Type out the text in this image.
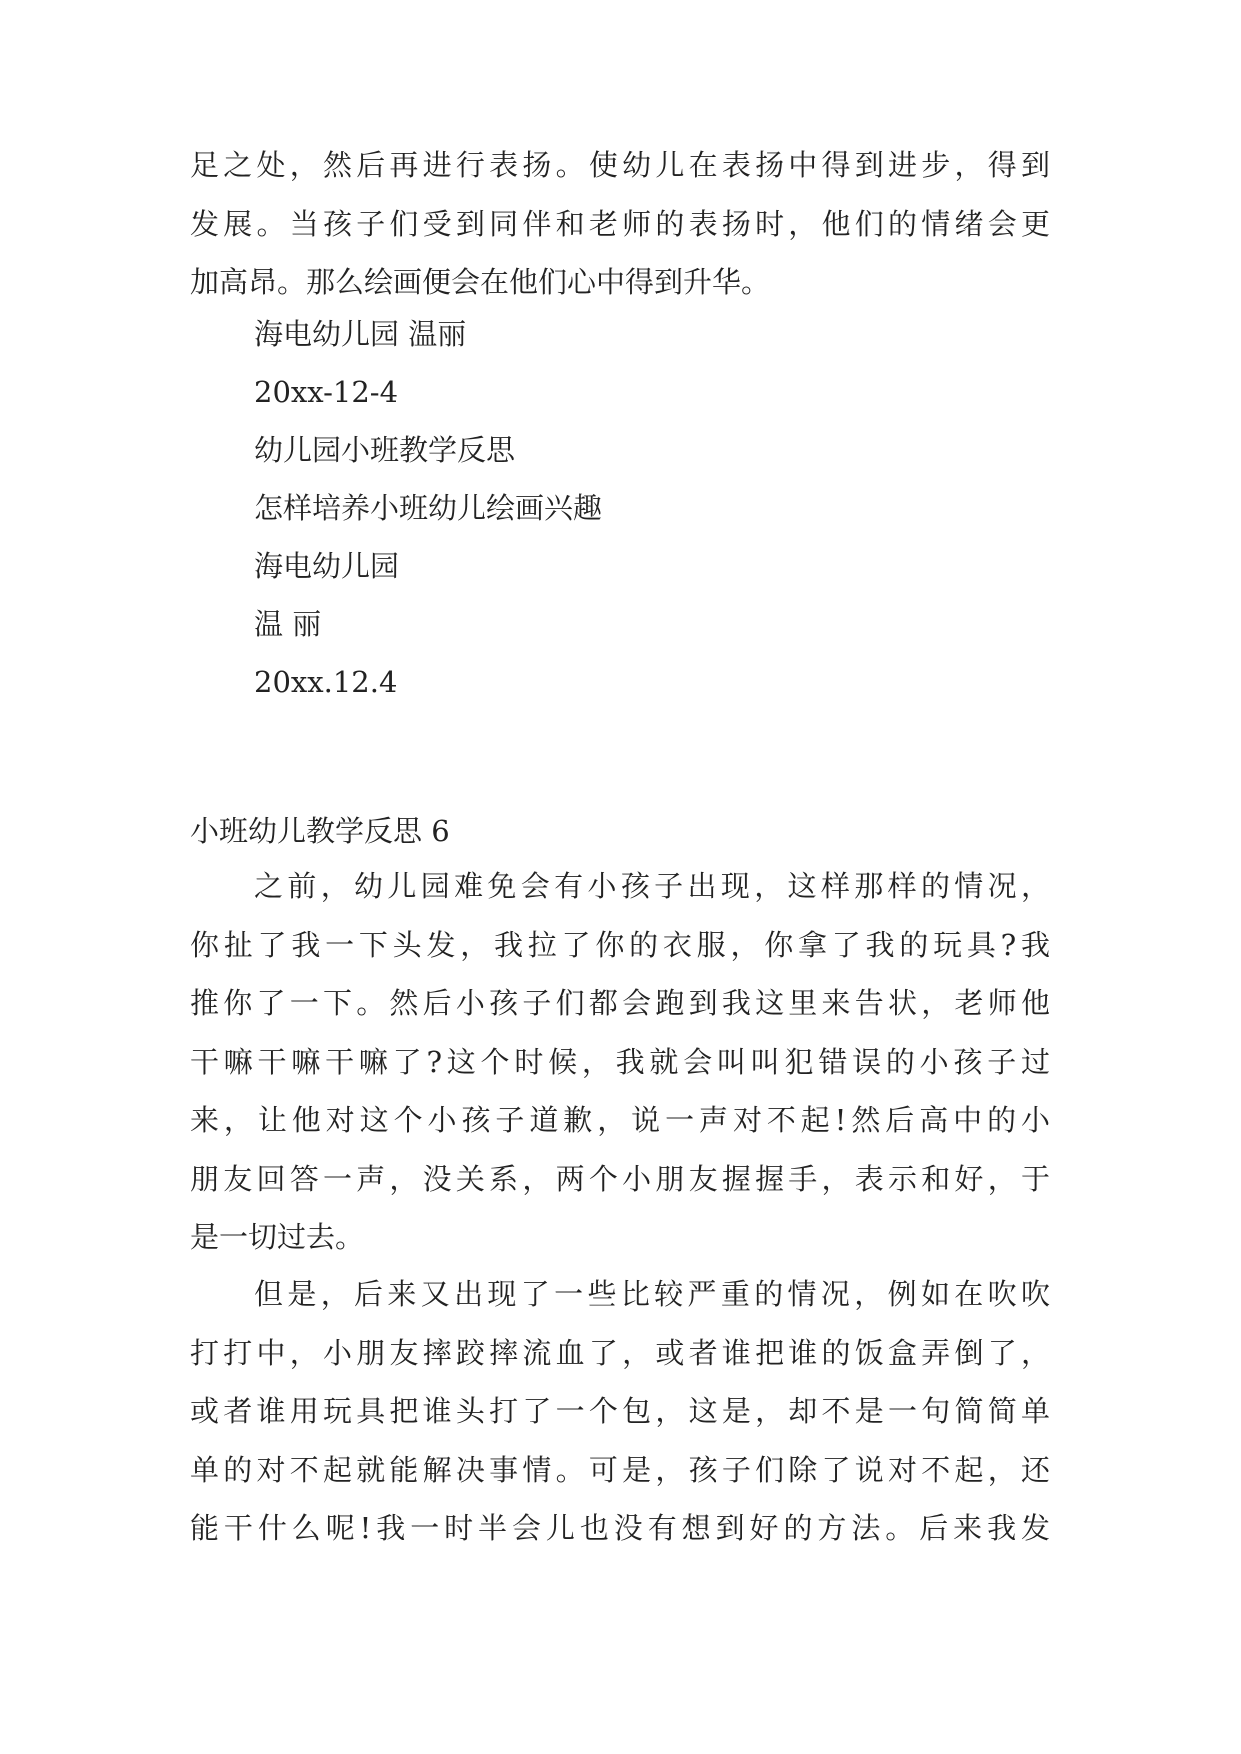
足之处，然后再进行表扬。使幼儿在表扬中得到进步，得到
发展。当孩子们受到同伴和老师的表扬时，他们的情绪会更
加高昂。那么绘画便会在他们心中得到升华。
海电幼儿园 温丽
20xx-12-4
幼儿园小班教学反思
怎样培养小班幼儿绘画兴趣
海电幼儿园
温 丽
20xx.12.4
小班幼儿教学反思 6
之前，幼儿园难免会有小孩子出现，这样那样的情况，
你扯了我一下头发，我拉了你的衣服，你拿了我的玩具?我
推你了一下。然后小孩子们都会跑到我这里来告状，老师他
干嘛干嘛干嘛了?这个时候，我就会叫叫犯错误的小孩子过
来，让他对这个小孩子道歉，说一声对不起!然后高中的小
朋友回答一声，没关系，两个小朋友握握手，表示和好，于
是一切过去。
但是，后来又出现了一些比较严重的情况，例如在吹吹
打打中，小朋友摔跤摔流血了，或者谁把谁的饭盒弄倒了，
或者谁用玩具把谁头打了一个包，这是，却不是一句简简单
单的对不起就能解决事情。可是，孩子们除了说对不起，还
能干什么呢!我一时半会儿也没有想到好的方法。后来我发
